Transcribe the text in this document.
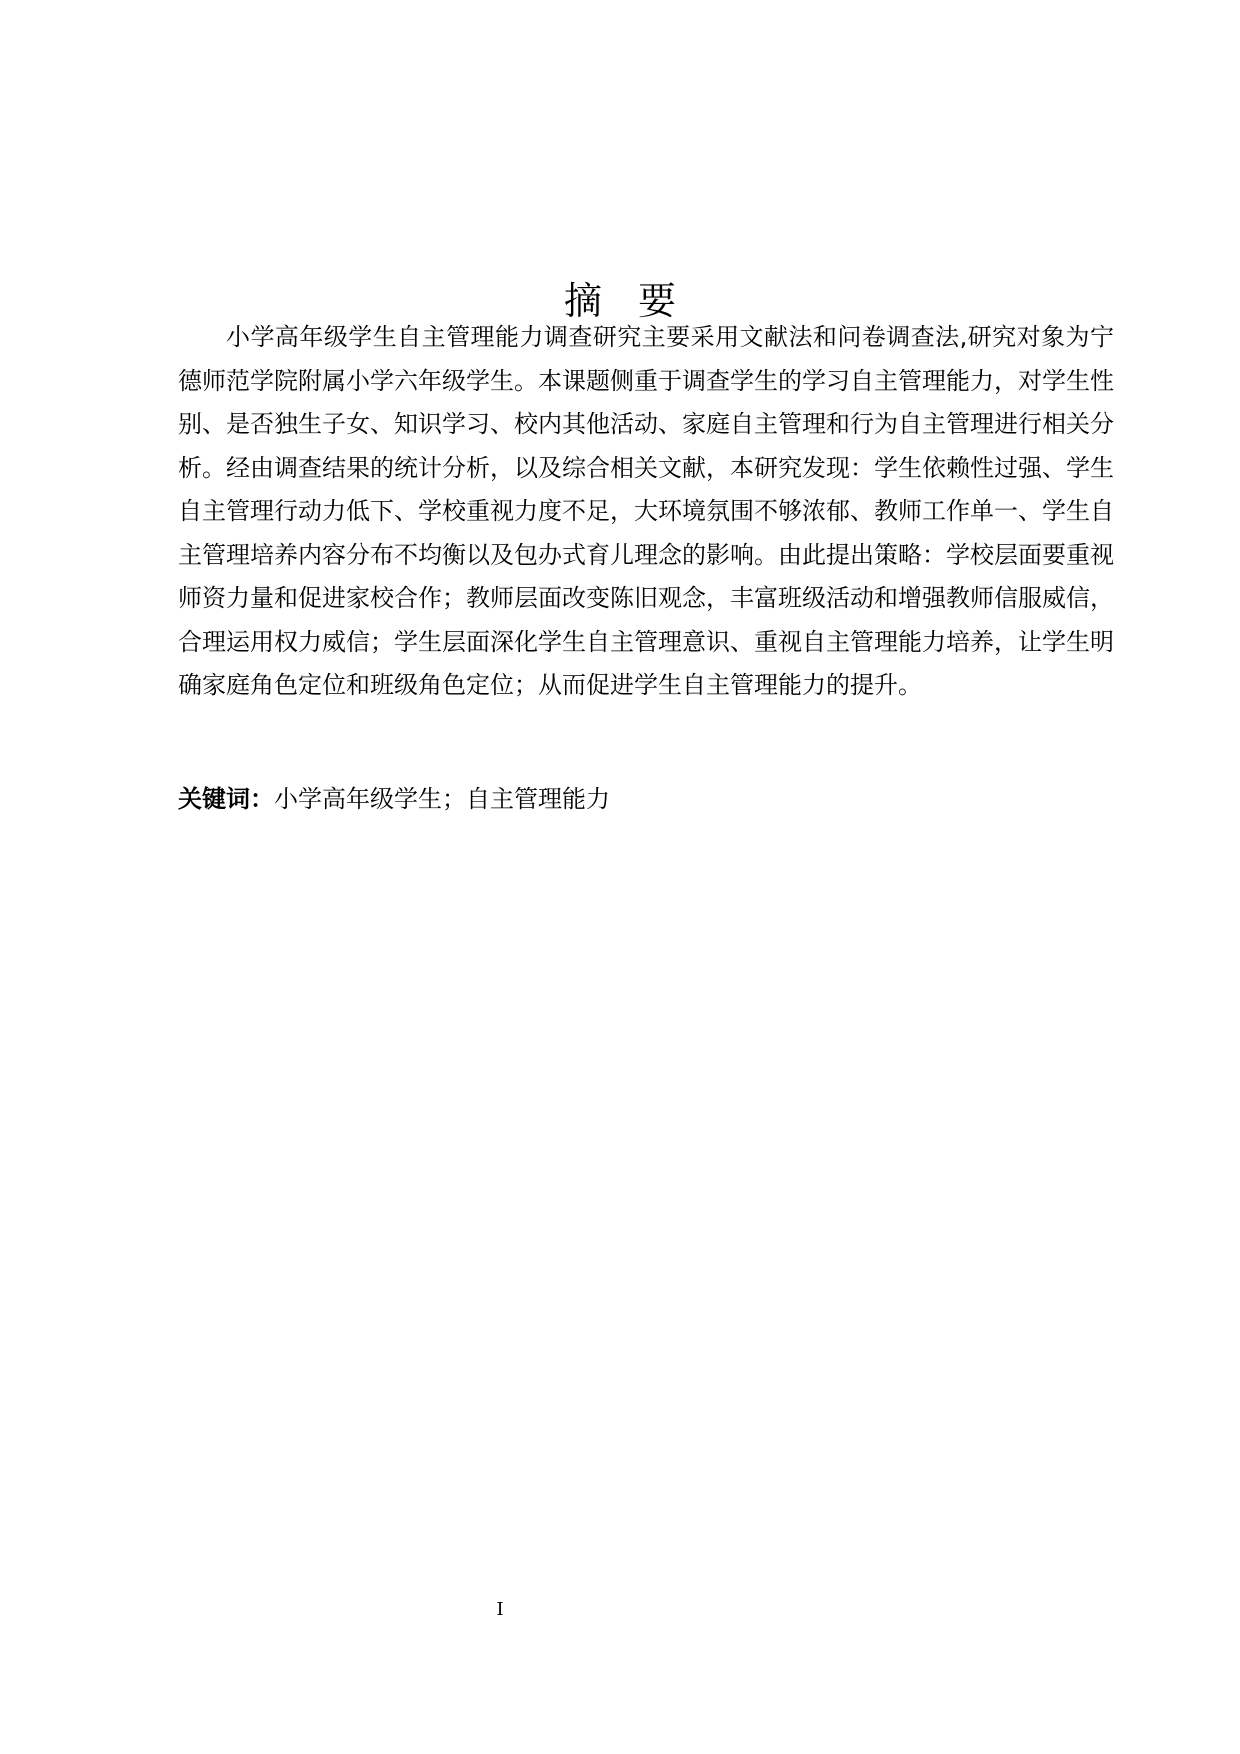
摘 要

小学高年级学生自主管理能力调查研究主要采用文献法和问卷调查法,研究对象为宁德师范学院附属小学六年级学生。本课题侧重于调查学生的学习自主管理能力，对学生性别、是否独生子女、知识学习、校内其他活动、家庭自主管理和行为自主管理进行相关分析。经由调查结果的统计分析，以及综合相关文献，本研究发现：学生依赖性过强、学生自主管理行动力低下、学校重视力度不足，大环境氛围不够浓郁、教师工作单一、学生自主管理培养内容分布不均衡以及包办式育儿理念的影响。由此提出策略：学校层面要重视师资力量和促进家校合作；教师层面改变陈旧观念，丰富班级活动和增强教师信服威信，合理运用权力威信；学生层面深化学生自主管理意识、重视自主管理能力培养，让学生明确家庭角色定位和班级角色定位；从而促进学生自主管理能力的提升。

关键词：小学高年级学生；自主管理能力

I
